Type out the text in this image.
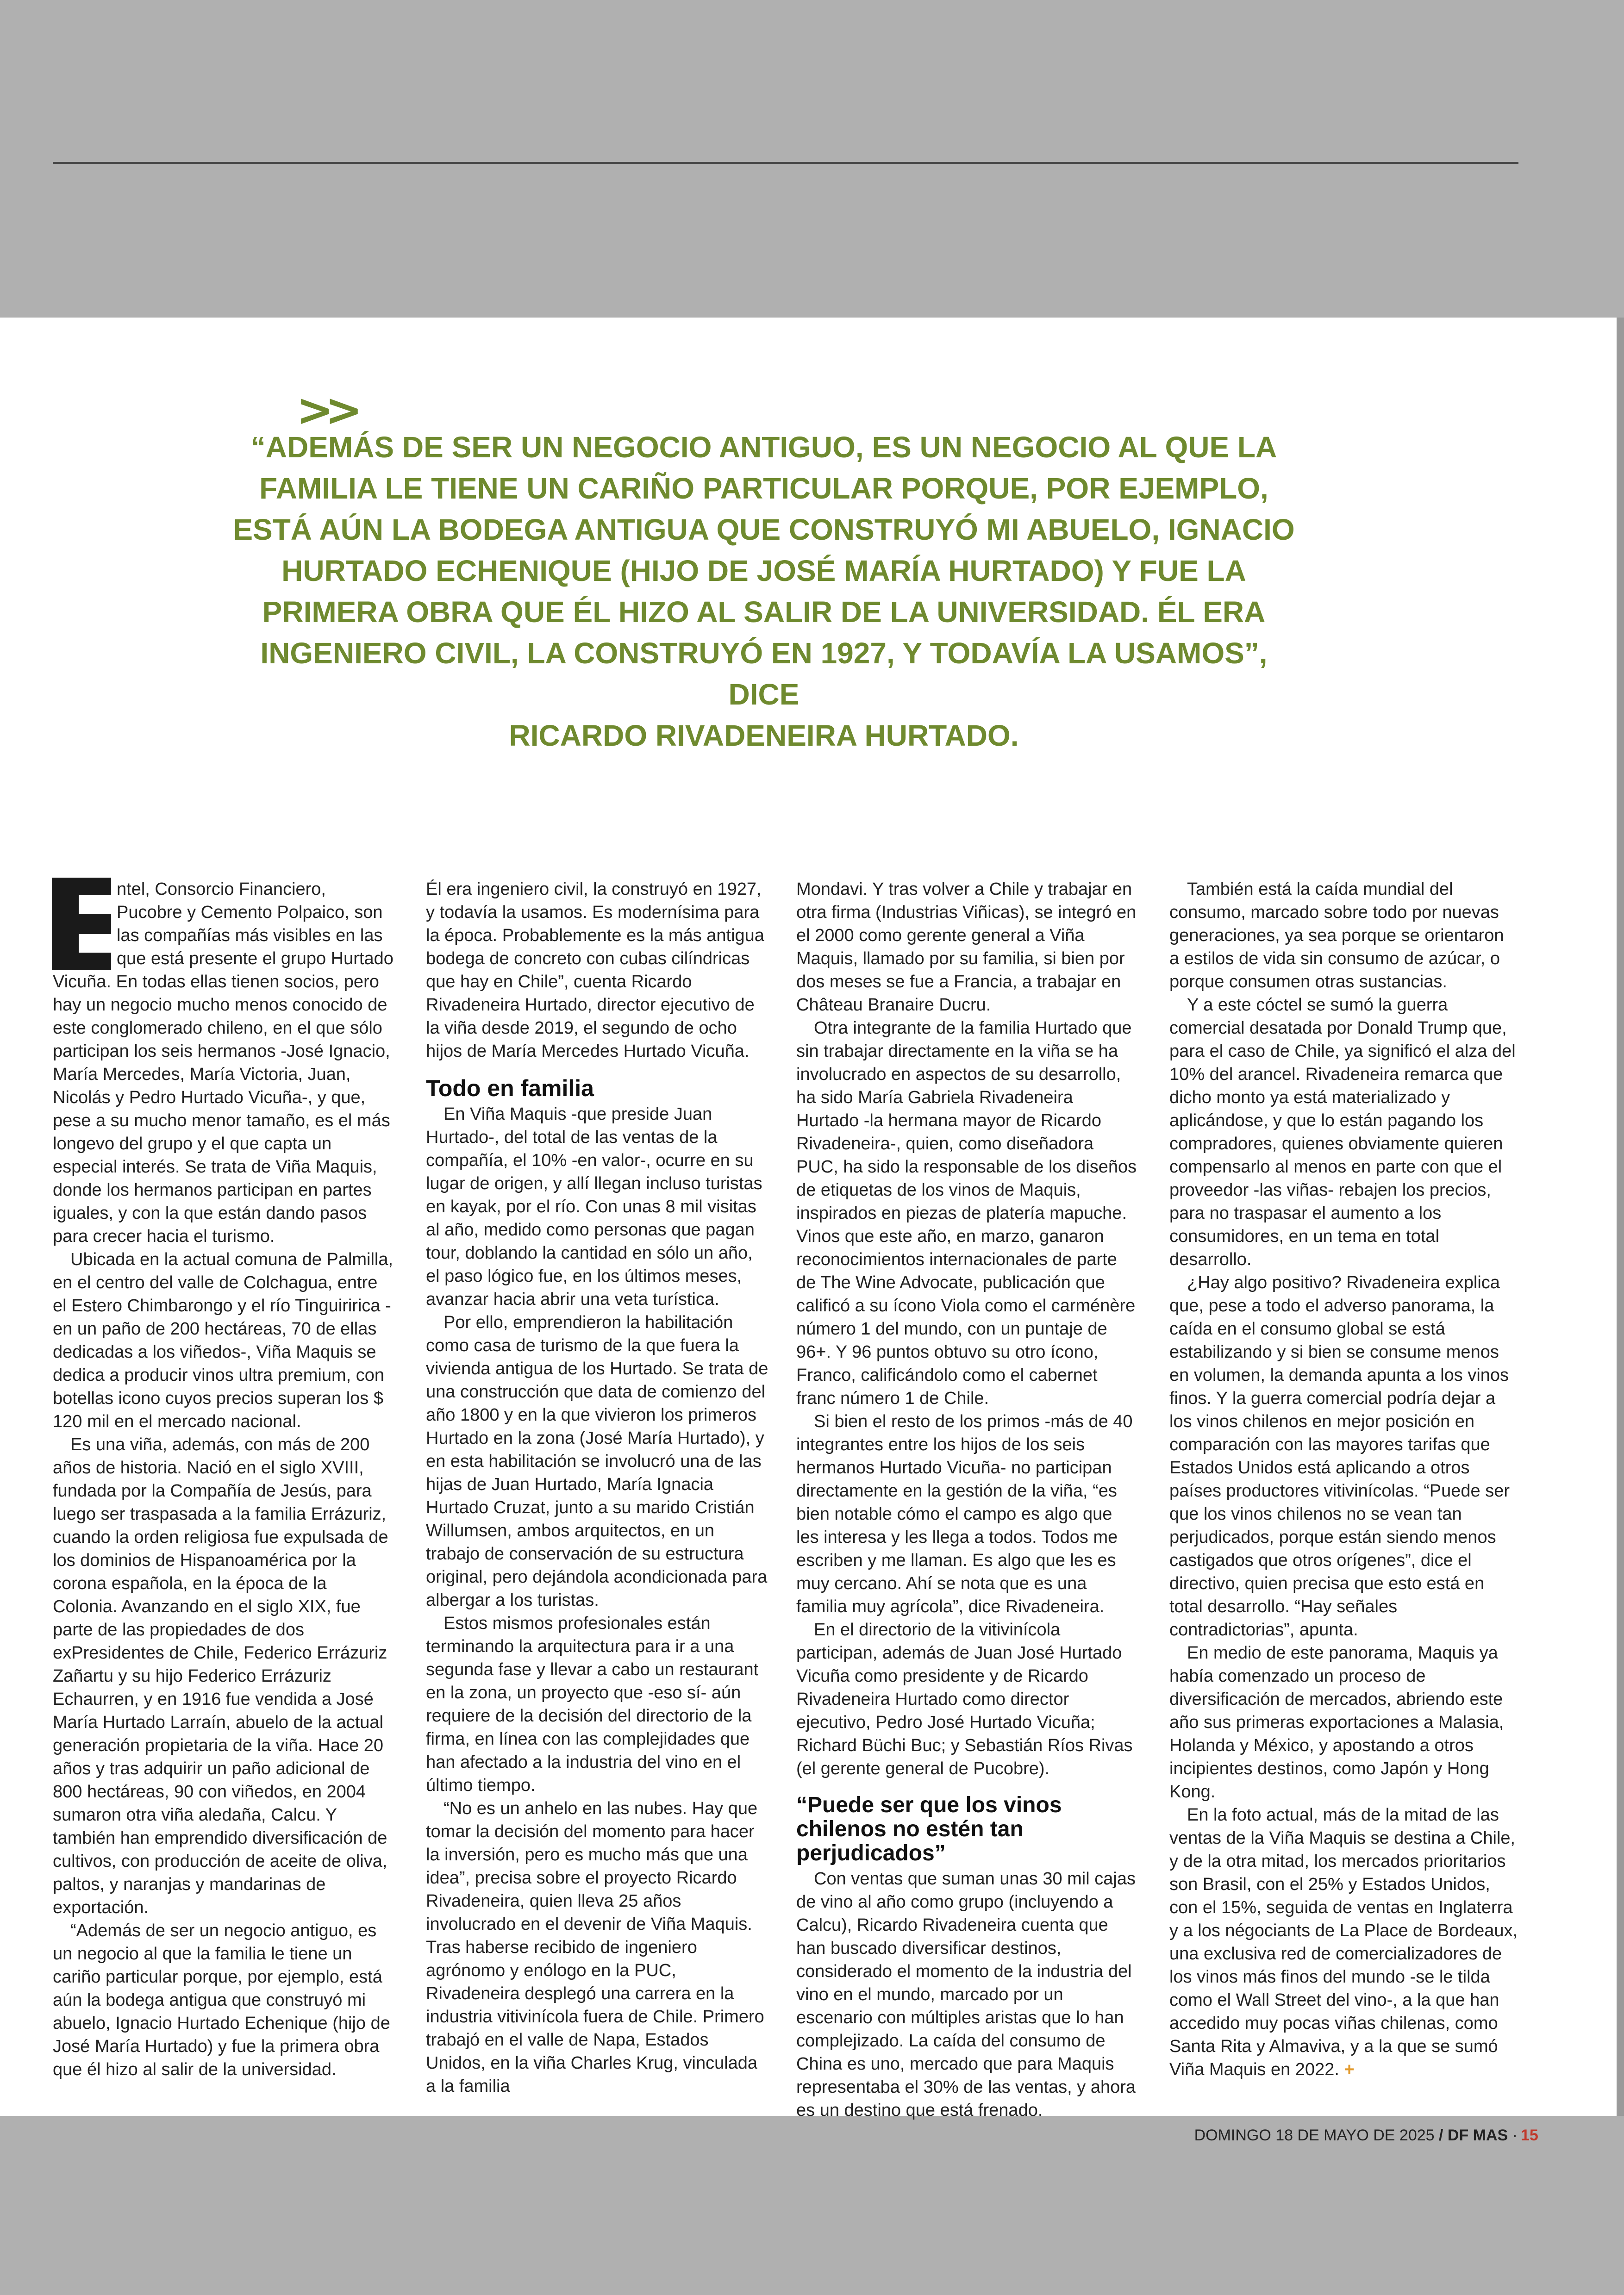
>>

“ADEMÁS DE SER UN NEGOCIO ANTIGUO, ES UN NEGOCIO AL QUE LA
FAMILIA LE TIENE UN CARIÑO PARTICULAR PORQUE, POR EJEMPLO,
ESTÁ AÚN LA BODEGA ANTIGUA QUE CONSTRUYÓ MI ABUELO, IGNACIO
HURTADO ECHENIQUE (HIJO DE JOSÉ MARÍA HURTADO) Y FUE LA
PRIMERA OBRA QUE ÉL HIZO AL SALIR DE LA UNIVERSIDAD. ÉL ERA
INGENIERO CIVIL, LA CONSTRUYÓ EN 1927, Y TODAVÍA LA USAMOS”, DICE
RICARDO RIVADENEIRA HURTADO.

ntel, Consorcio Financiero, Pucobre y Cemento Polpaico, son las compañías más visibles en las que está presente el grupo Hurtado Vicuña. En todas ellas tienen socios, pero hay un negocio mucho menos conocido de este conglomerado chileno, en el que sólo participan los seis hermanos -José Ignacio, María Mercedes, María Victoria, Juan, Nicolás y Pedro Hurtado Vicuña-, y que, pese a su mucho menor tamaño, es el más longevo del grupo y el que capta un especial interés. Se trata de Viña Maquis, donde los hermanos participan en partes iguales, y con la que están dando pasos para crecer hacia el turismo.

Ubicada en la actual comuna de Palmilla, en el centro del valle de Colchagua, entre el Estero Chimbarongo y el río Tinguiririca -en un paño de 200 hectáreas, 70 de ellas dedicadas a los viñedos-, Viña Maquis se dedica a producir vinos ultra premium, con botellas icono cuyos precios superan los $ 120 mil en el mercado nacional.

Es una viña, además, con más de 200 años de historia. Nació en el siglo XVIII, fundada por la Compañía de Jesús, para luego ser traspasada a la familia Errázuriz, cuando la orden religiosa fue expulsada de los dominios de Hispanoamérica por la corona española, en la época de la Colonia. Avanzando en el siglo XIX, fue parte de las propiedades de dos exPresidentes de Chile, Federico Errázuriz Zañartu y su hijo Federico Errázuriz Echaurren, y en 1916 fue vendida a José María Hurtado Larraín, abuelo de la actual generación propietaria de la viña. Hace 20 años y tras adquirir un paño adicional de 800 hectáreas, 90 con viñedos, en 2004 sumaron otra viña aledaña, Calcu. Y también han emprendido diversificación de cultivos, con producción de aceite de oliva, paltos, y naranjas y mandarinas de exportación.

“Además de ser un negocio antiguo, es un negocio al que la familia le tiene un cariño particular porque, por ejemplo, está aún la bodega antigua que construyó mi abuelo, Ignacio Hurtado Echenique (hijo de José María Hurtado) y fue la primera obra que él hizo al salir de la universidad.

Él era ingeniero civil, la construyó en 1927, y todavía la usamos. Es modernísima para la época. Probablemente es la más antigua bodega de concreto con cubas cilíndricas que hay en Chile”, cuenta Ricardo Rivadeneira Hurtado, director ejecutivo de la viña desde 2019, el segundo de ocho hijos de María Mercedes Hurtado Vicuña.

Todo en familia

En Viña Maquis -que preside Juan Hurtado-, del total de las ventas de la compañía, el 10% -en valor-, ocurre en su lugar de origen, y allí llegan incluso turistas en kayak, por el río. Con unas 8 mil visitas al año, medido como personas que pagan tour, doblando la cantidad en sólo un año, el paso lógico fue, en los últimos meses, avanzar hacia abrir una veta turística.

Por ello, emprendieron la habilitación como casa de turismo de la que fuera la vivienda antigua de los Hurtado. Se trata de una construcción que data de comienzo del año 1800 y en la que vivieron los primeros Hurtado en la zona (José María Hurtado), y en esta habilitación se involucró una de las hijas de Juan Hurtado, María Ignacia Hurtado Cruzat, junto a su marido Cristián Willumsen, ambos arquitectos, en un trabajo de conservación de su estructura original, pero dejándola acondicionada para albergar a los turistas.

Estos mismos profesionales están terminando la arquitectura para ir a una segunda fase y llevar a cabo un restaurant en la zona, un proyecto que -eso sí- aún requiere de la decisión del directorio de la firma, en línea con las complejidades que han afectado a la industria del vino en el último tiempo.

“No es un anhelo en las nubes. Hay que tomar la decisión del momento para hacer la inversión, pero es mucho más que una idea”, precisa sobre el proyecto Ricardo Rivadeneira, quien lleva 25 años involucrado en el devenir de Viña Maquis. Tras haberse recibido de ingeniero agrónomo y enólogo en la PUC, Rivadeneira desplegó una carrera en la industria vitivinícola fuera de Chile. Primero trabajó en el valle de Napa, Estados Unidos, en la viña Charles Krug, vinculada a la familia

Mondavi. Y tras volver a Chile y trabajar en otra firma (Industrias Viñicas), se integró en el 2000 como gerente general a Viña Maquis, llamado por su familia, si bien por dos meses se fue a Francia, a trabajar en Château Branaire Ducru.

Otra integrante de la familia Hurtado que sin trabajar directamente en la viña se ha involucrado en aspectos de su desarrollo, ha sido María Gabriela Rivadeneira Hurtado -la hermana mayor de Ricardo Rivadeneira-, quien, como diseñadora PUC, ha sido la responsable de los diseños de etiquetas de los vinos de Maquis, inspirados en piezas de platería mapuche. Vinos que este año, en marzo, ganaron reconocimientos internacionales de parte de The Wine Advocate, publicación que calificó a su ícono Viola como el carménère número 1 del mundo, con un puntaje de 96+. Y 96 puntos obtuvo su otro ícono, Franco, calificándolo como el cabernet franc número 1 de Chile.

Si bien el resto de los primos -más de 40 integrantes entre los hijos de los seis hermanos Hurtado Vicuña- no participan directamente en la gestión de la viña, “es bien notable cómo el campo es algo que les interesa y les llega a todos. Todos me escriben y me llaman. Es algo que les es muy cercano. Ahí se nota que es una familia muy agrícola”, dice Rivadeneira.

En el directorio de la vitivinícola participan, además de Juan José Hurtado Vicuña como presidente y de Ricardo Rivadeneira Hurtado como director ejecutivo, Pedro José Hurtado Vicuña; Richard Büchi Buc; y Sebastián Ríos Rivas (el gerente general de Pucobre).

“Puede ser que los vinos chilenos no estén tan perjudicados”

Con ventas que suman unas 30 mil cajas de vino al año como grupo (incluyendo a Calcu), Ricardo Rivadeneira cuenta que han buscado diversificar destinos, considerado el momento de la industria del vino en el mundo, marcado por un escenario con múltiples aristas que lo han complejizado. La caída del consumo de China es uno, mercado que para Maquis representaba el 30% de las ventas, y ahora es un destino que está frenado.

También está la caída mundial del consumo, marcado sobre todo por nuevas generaciones, ya sea porque se orientaron a estilos de vida sin consumo de azúcar, o porque consumen otras sustancias.

Y a este cóctel se sumó la guerra comercial desatada por Donald Trump que, para el caso de Chile, ya significó el alza del 10% del arancel. Rivadeneira remarca que dicho monto ya está materializado y aplicándose, y que lo están pagando los compradores, quienes obviamente quieren compensarlo al menos en parte con que el proveedor -las viñas- rebajen los precios, para no traspasar el aumento a los consumidores, en un tema en total desarrollo.

¿Hay algo positivo? Rivadeneira explica que, pese a todo el adverso panorama, la caída en el consumo global se está estabilizando y si bien se consume menos en volumen, la demanda apunta a los vinos finos. Y la guerra comercial podría dejar a los vinos chilenos en mejor posición en comparación con las mayores tarifas que Estados Unidos está aplicando a otros países productores vitivinícolas. “Puede ser que los vinos chilenos no se vean tan perjudicados, porque están siendo menos castigados que otros orígenes”, dice el directivo, quien precisa que esto está en total desarrollo. “Hay señales contradictorias”, apunta.

En medio de este panorama, Maquis ya había comenzado un proceso de diversificación de mercados, abriendo este año sus primeras exportaciones a Malasia, Holanda y México, y apostando a otros incipientes destinos, como Japón y Hong Kong.

En la foto actual, más de la mitad de las ventas de la Viña Maquis se destina a Chile, y de la otra mitad, los mercados prioritarios son Brasil, con el 25% y Estados Unidos, con el 15%, seguida de ventas en Inglaterra y a los négociants de La Place de Bordeaux, una exclusiva red de comercializadores de los vinos más finos del mundo -se le tilda como el Wall Street del vino-, a la que han accedido muy pocas viñas chilenas, como Santa Rita y Almaviva, y a la que se sumó Viña Maquis en 2022. +

DOMINGO 18 DE MAYO DE 2025 / DF MAS · 15
